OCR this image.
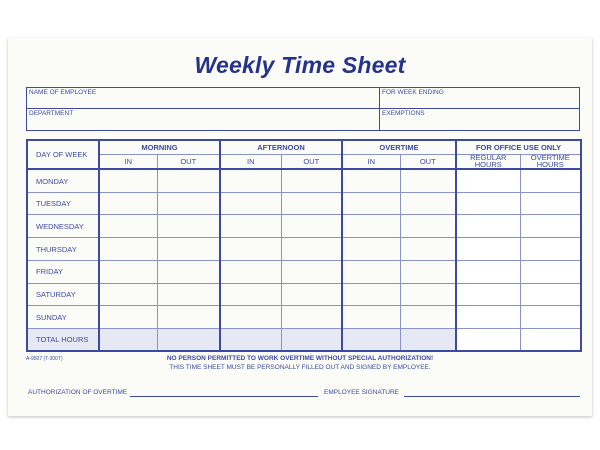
Weekly Time Sheet
NAME OF EMPLOYEE	FOR WEEK ENDING
DEPARTMENT	EXEMPTIONS
DAY OF WEEK	MORNING		AFTERNOON		OVERTIME		FOR OFFICE USE ONLY	
	IN	OUT	IN	OUT	IN	OUT	REGULAR HOURS	OVERTIME HOURS
MONDAY								
TUESDAY								
WEDNESDAY								
THURSDAY								
FRIDAY								
SATURDAY								
SUNDAY								
TOTAL HOURS								
A-9507 (T-300T)	NO PERSON PERMITTED TO WORK OVERTIME WITHOUT SPECIAL AUTHORIZATION!
THIS TIME SHEET MUST BE PERSONALLY FILLED OUT AND SIGNED BY EMPLOYEE.
AUTHORIZATION OF OVERTIME	EMPLOYEE SIGNATURE
